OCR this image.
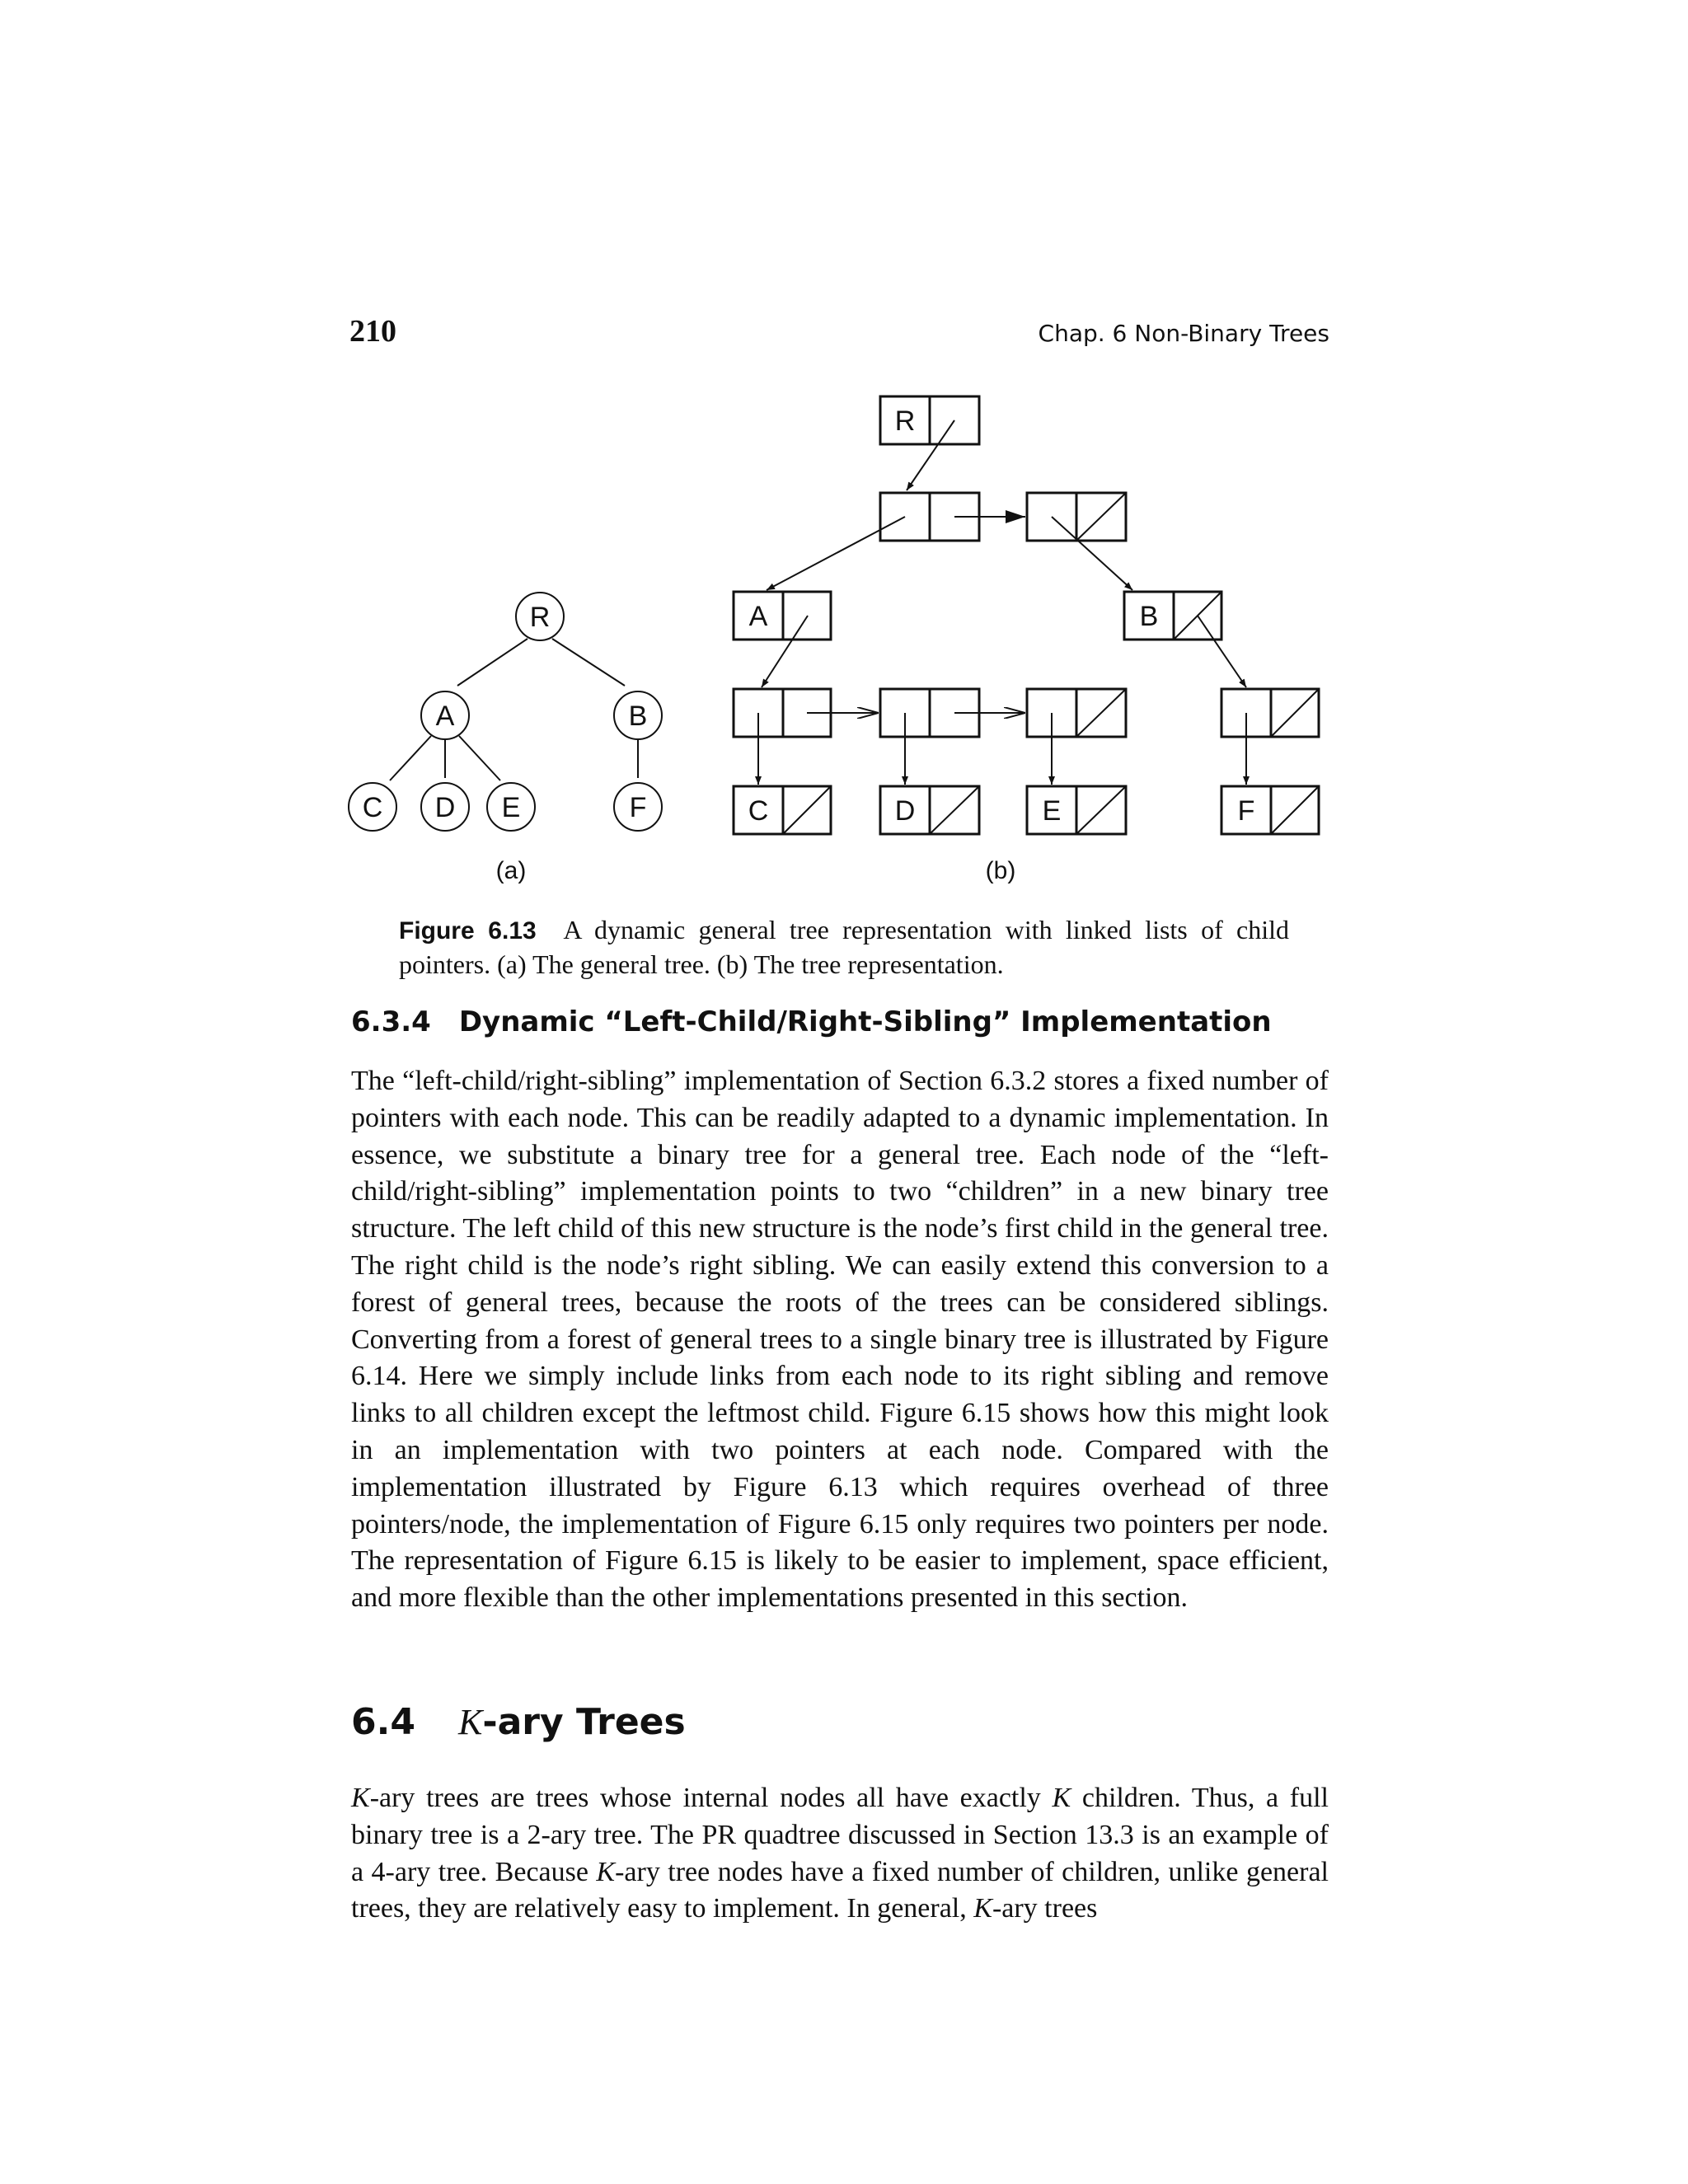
210	Chap. 6 Non-Binary Trees
R
A	B
C D E	F
(a)
R
A	B
C	D	E	F
(b)
Figure 6.13 A dynamic general tree representation with linked lists of child pointers. (a) The general tree. (b) The tree representation.
6.3.4 Dynamic “Left-Child/Right-Sibling” Implementation

The “left-child/right-sibling” implementation of Section 6.3.2 stores a fixed number of pointers with each node. This can be readily adapted to a dynamic implementation. In essence, we substitute a binary tree for a general tree. Each node of the “left-child/right-sibling” implementation points to two “children” in a new binary tree structure. The left child of this new structure is the node’s first child in the general tree. The right child is the node’s right sibling. We can easily extend this conversion to a forest of general trees, because the roots of the trees can be considered siblings. Converting from a forest of general trees to a single binary tree is illustrated by Figure 6.14. Here we simply include links from each node to its right sibling and remove links to all children except the leftmost child. Figure 6.15 shows how this might look in an implementation with two pointers at each node. Compared with the implementation illustrated by Figure 6.13 which requires overhead of three pointers/node, the implementation of Figure 6.15 only requires two pointers per node. The representation of Figure 6.15 is likely to be easier to implement, space efficient, and more flexible than the other implementations presented in this section.

6.4 K-ary Trees

K-ary trees are trees whose internal nodes all have exactly K children. Thus, a full binary tree is a 2-ary tree. The PR quadtree discussed in Section 13.3 is an example of a 4-ary tree. Because K-ary tree nodes have a fixed number of children, unlike general trees, they are relatively easy to implement. In general, K-ary trees
